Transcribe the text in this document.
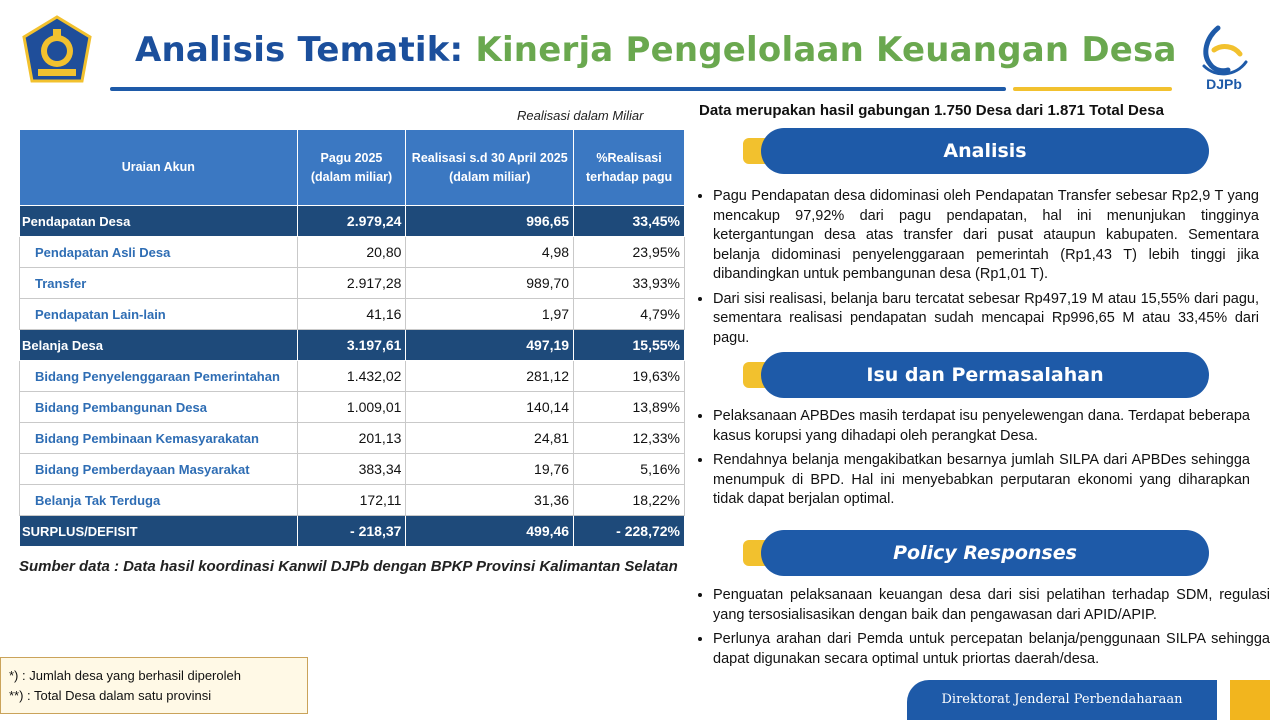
Analisis Tematik: Kinerja Pengelolaan Keuangan Desa
DJPb
Realisasi dalam Miliar	Data merupakan hasil gabungan 1.750 Desa dari 1.871 Total Desa
Uraian Akun	Pagu 2025 (dalam miliar)	Realisasi s.d 30 April 2025 (dalam miliar)	%Realisasi terhadap pagu
Pendapatan Desa	2.979,24	996,65	33,45%
Pendapatan Asli Desa	20,80	4,98	23,95%
Transfer	2.917,28	989,70	33,93%
Pendapatan Lain-lain	41,16	1,97	4,79%
Belanja Desa	3.197,61	497,19	15,55%
Bidang Penyelenggaraan Pemerintahan	1.432,02	281,12	19,63%
Bidang Pembangunan Desa	1.009,01	140,14	13,89%
Bidang Pembinaan Kemasyarakatan	201,13	24,81	12,33%
Bidang Pemberdayaan Masyarakat	383,34	19,76	5,16%
Belanja Tak Terduga	172,11	31,36	18,22%
SURPLUS/DEFISIT	- 218,37	499,46	- 228,72%
Sumber data : Data hasil koordinasi Kanwil DJPb dengan BPKP Provinsi Kalimantan Selatan
*) : Jumlah desa yang berhasil diperoleh
**) : Total Desa dalam satu provinsi
Analisis
• Pagu Pendapatan desa didominasi oleh Pendapatan Transfer sebesar Rp2,9 T yang mencakup 97,92% dari pagu pendapatan, hal ini menunjukan tingginya ketergantungan desa atas transfer dari pusat ataupun kabupaten. Sementara belanja didominasi penyelenggaraan pemerintah (Rp1,43 T) lebih tinggi jika dibandingkan untuk pembangunan desa (Rp1,01 T).
• Dari sisi realisasi, belanja baru tercatat sebesar Rp497,19 M atau 15,55% dari pagu, sementara realisasi pendapatan sudah mencapai Rp996,65 M atau 33,45% dari pagu.
Isu dan Permasalahan
• Pelaksanaan APBDes masih terdapat isu penyelewengan dana. Terdapat beberapa kasus korupsi yang dihadapi oleh perangkat Desa.
• Rendahnya belanja mengakibatkan besarnya jumlah SILPA dari APBDes sehingga menumpuk di BPD. Hal ini menyebabkan perputaran ekonomi yang diharapkan tidak dapat berjalan optimal.
Policy Responses
• Penguatan pelaksanaan keuangan desa dari sisi pelatihan terhadap SDM, regulasi yang tersosialisasikan dengan baik dan pengawasan dari APID/APIP.
• Perlunya arahan dari Pemda untuk percepatan belanja/penggunaan SILPA sehingga dapat digunakan secara optimal untuk priortas daerah/desa.
Direktorat Jenderal Perbendaharaan
